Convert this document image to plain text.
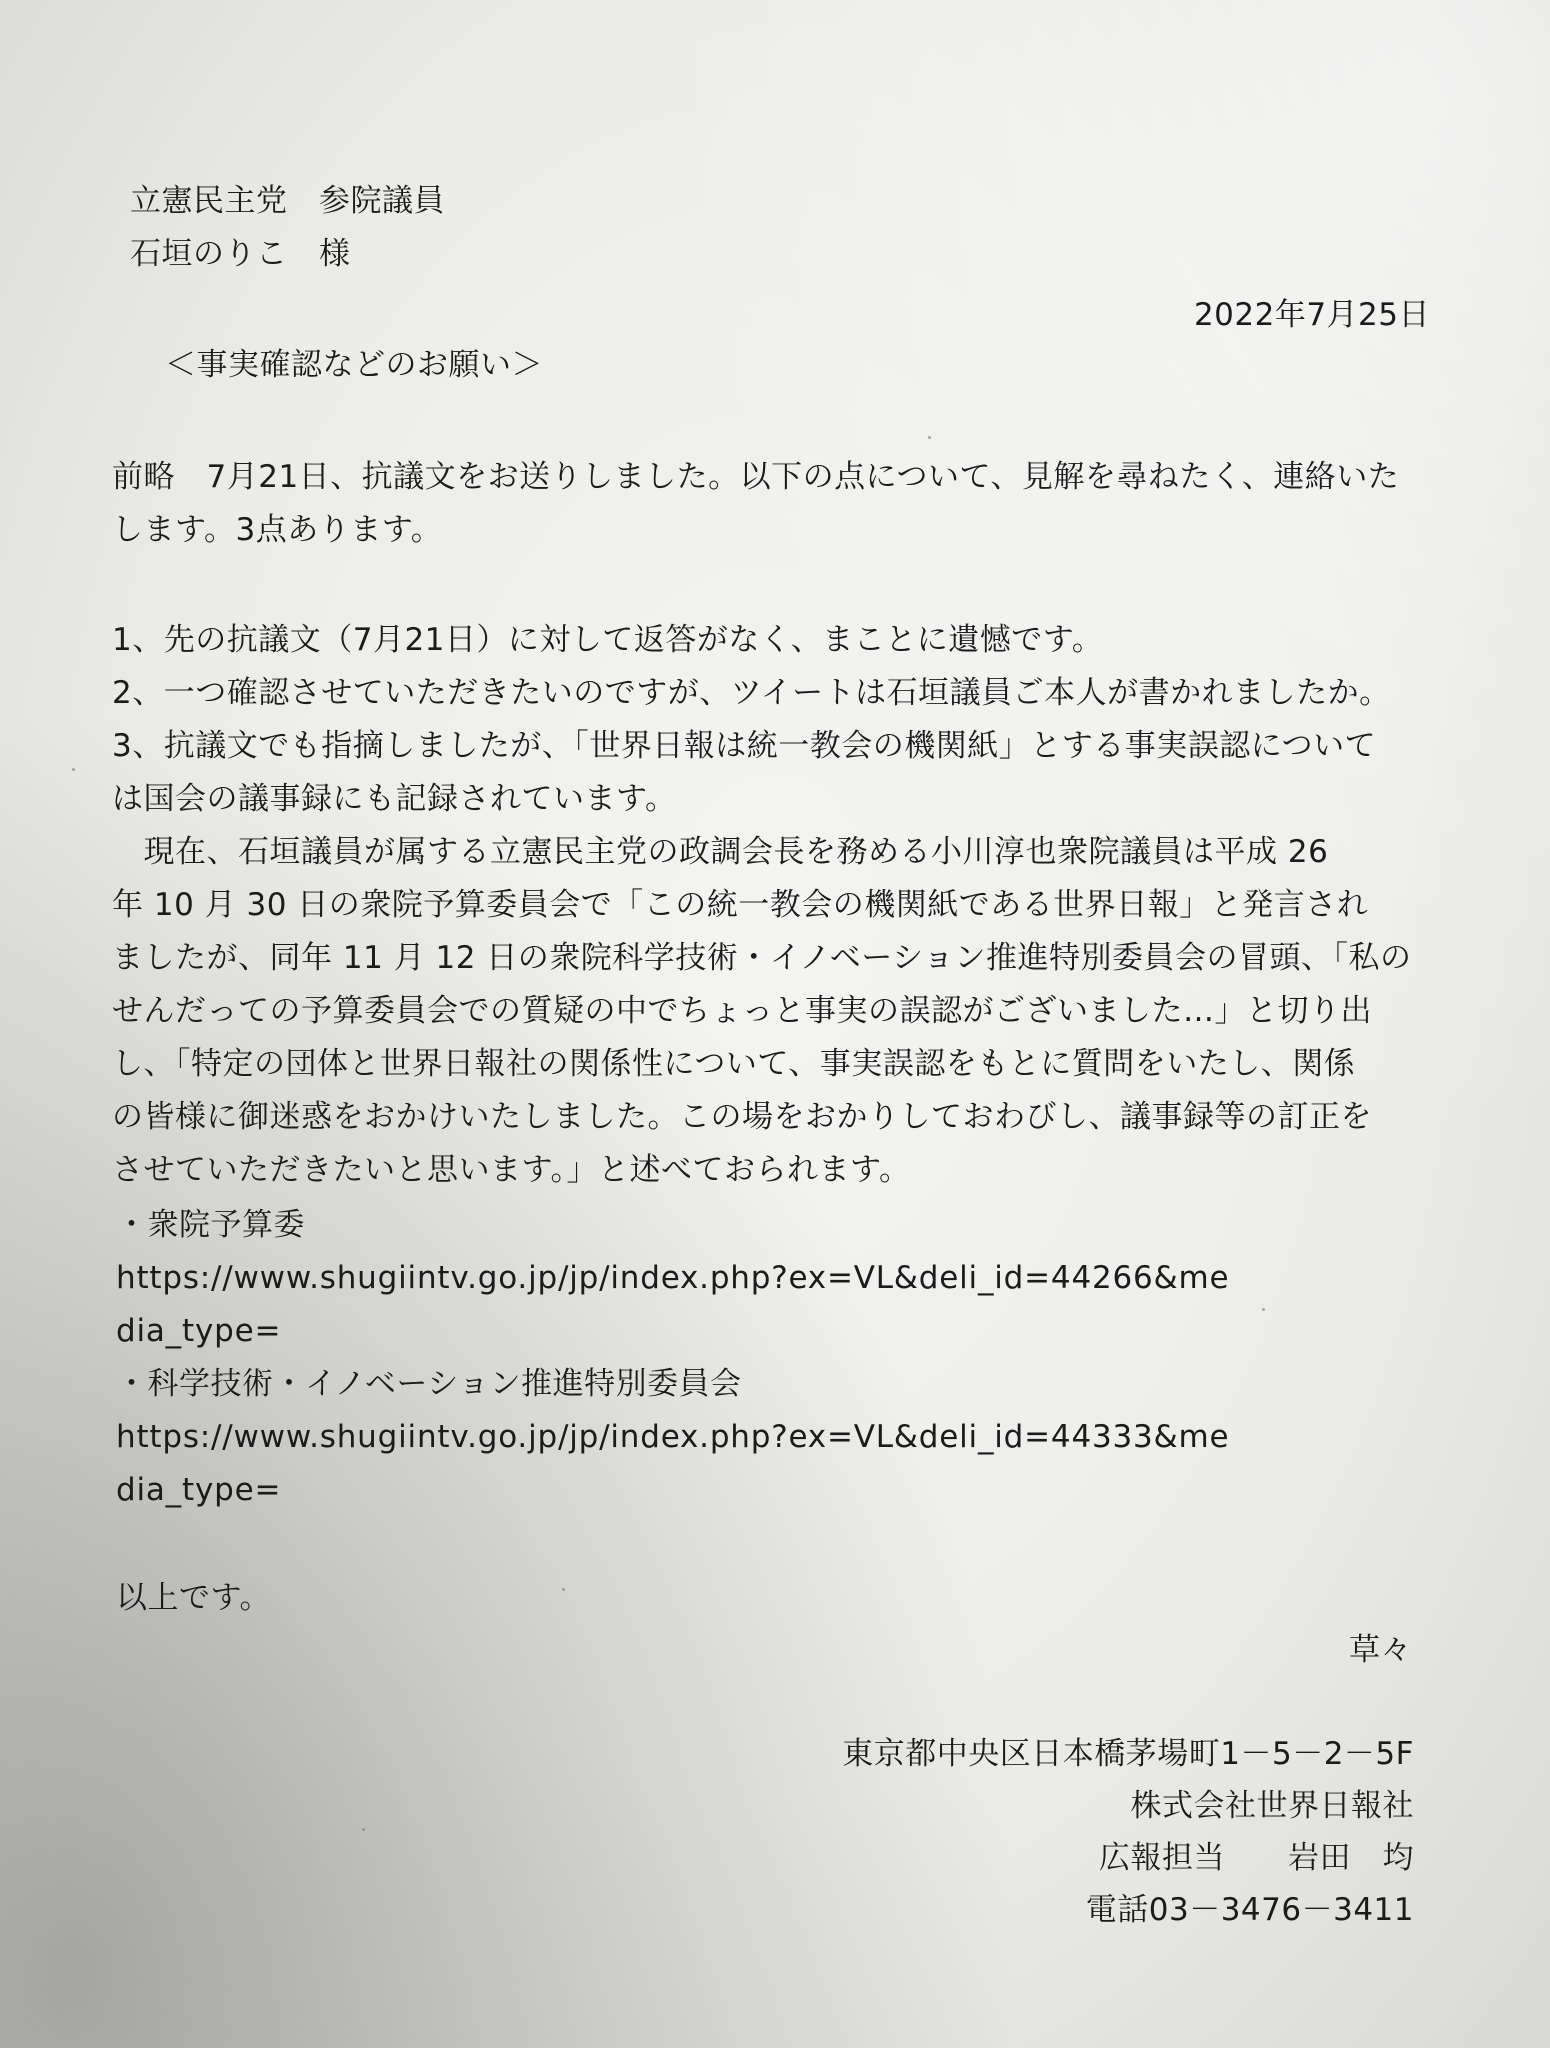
立憲民主党　参院議員

石垣のりこ　様

2022年7月25日

＜事実確認などのお願い＞

前略　7月21日、抗議文をお送りしました。以下の点について、見解を尋ねたく、連絡いた

します。3点あります。

1、先の抗議文（7月21日）に対して返答がなく、まことに遺憾です。

2、一つ確認させていただきたいのですが、ツイートは石垣議員ご本人が書かれましたか。

3、抗議文でも指摘しましたが、「世界日報は統一教会の機関紙」とする事実誤認について

は国会の議事録にも記録されています。

　現在、石垣議員が属する立憲民主党の政調会長を務める小川淳也衆院議員は平成 26

年 10 月 30 日の衆院予算委員会で「この統一教会の機関紙である世界日報」と発言され

ましたが、同年 11 月 12 日の衆院科学技術・イノベーション推進特別委員会の冒頭、「私の

せんだっての予算委員会での質疑の中でちょっと事実の誤認がございました…」と切り出

し、「特定の団体と世界日報社の関係性について、事実誤認をもとに質問をいたし、関係

の皆様に御迷惑をおかけいたしました。この場をおかりしておわびし、議事録等の訂正を

させていただきたいと思います。」と述べておられます。

・衆院予算委

https://www.shugiintv.go.jp/jp/index.php?ex=VL&deli_id=44266&me

dia_type=

・科学技術・イノベーション推進特別委員会

https://www.shugiintv.go.jp/jp/index.php?ex=VL&deli_id=44333&me

dia_type=

以上です。

草々

東京都中央区日本橋茅場町1－5－2－5F

株式会社世界日報社

広報担当　　岩田　均

電話03－3476－3411
